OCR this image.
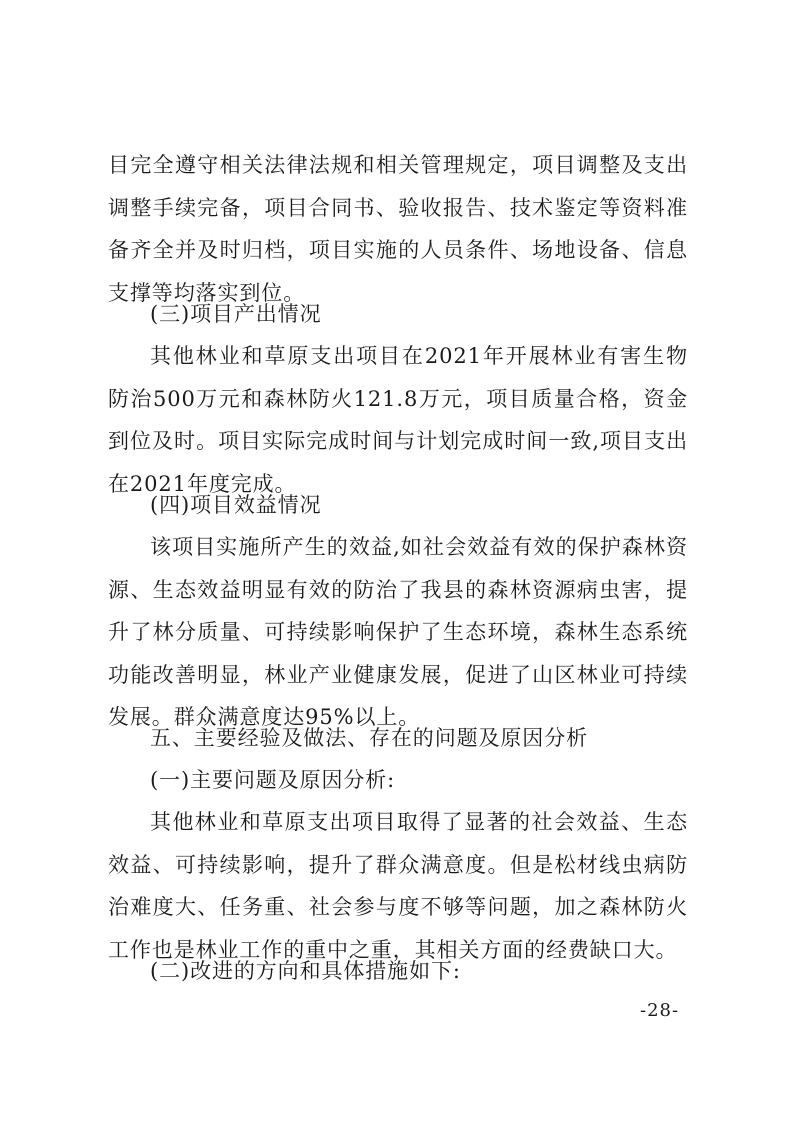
目完全遵守相关法律法规和相关管理规定，项目调整及支出调整手续完备，项目合同书、验收报告、技术鉴定等资料准备齐全并及时归档，项目实施的人员条件、场地设备、信息支撑等均落实到位。

(三)项目产出情况

其他林业和草原支出项目在2021年开展林业有害生物防治500万元和森林防火121.8万元，项目质量合格，资金到位及时。项目实际完成时间与计划完成时间一致,项目支出在2021年度完成。

(四)项目效益情况

该项目实施所产生的效益,如社会效益有效的保护森林资源、生态效益明显有效的防治了我县的森林资源病虫害，提升了林分质量、可持续影响保护了生态环境，森林生态系统功能改善明显，林业产业健康发展，促进了山区林业可持续发展。群众满意度达95%以上。

五、主要经验及做法、存在的问题及原因分析

(一)主要问题及原因分析:

其他林业和草原支出项目取得了显著的社会效益、生态效益、可持续影响，提升了群众满意度。但是松材线虫病防治难度大、任务重、社会参与度不够等问题，加之森林防火工作也是林业工作的重中之重，其相关方面的经费缺口大。

(二)改进的方向和具体措施如下:

-28-
